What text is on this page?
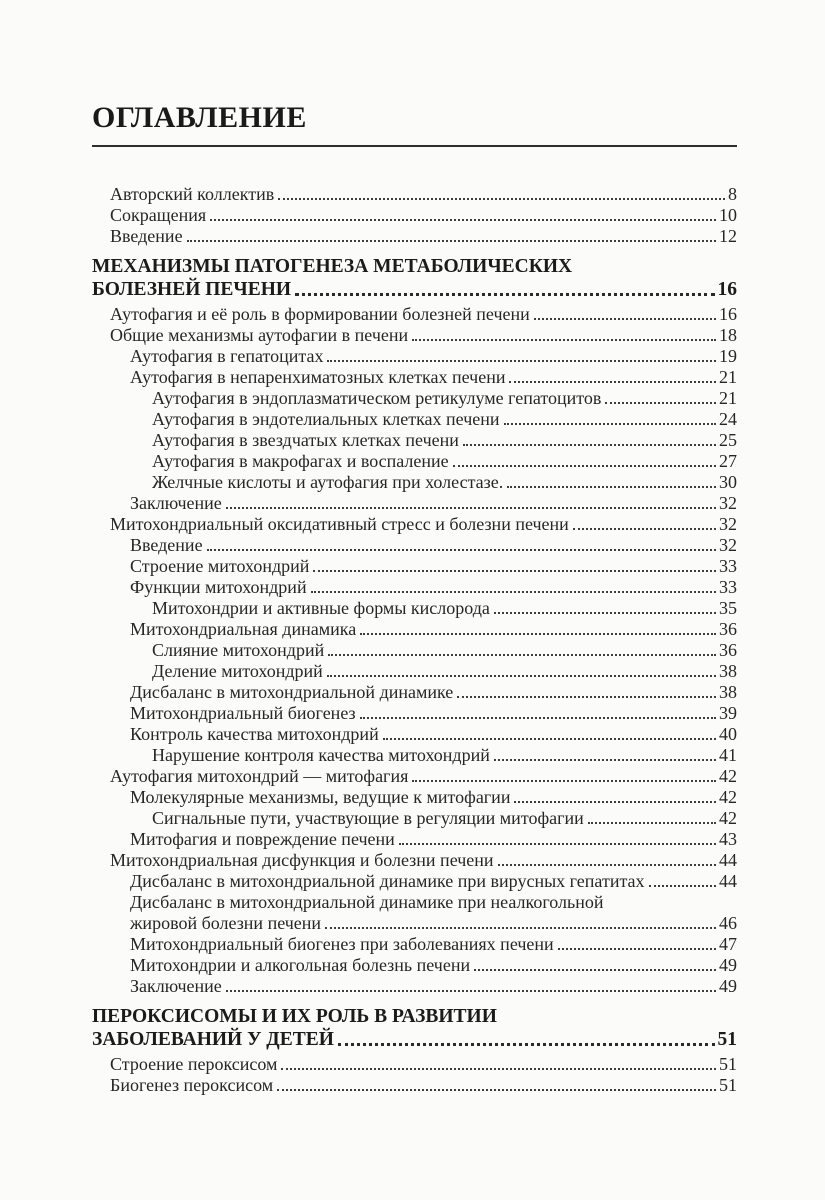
ОГЛАВЛЕНИЕ
Авторский коллектив	8
Сокращения	10
Введение	12
МЕХАНИЗМЫ ПАТОГЕНЕЗА МЕТАБОЛИЧЕСКИХ
БОЛЕЗНЕЙ ПЕЧЕНИ	16
Аутофагия и её роль в формировании болезней печени	16
Общие механизмы аутофагии в печени	18
Аутофагия в гепатоцитах	19
Аутофагия в непаренхиматозных клетках печени	21
Аутофагия в эндоплазматическом ретикулуме гепатоцитов	21
Аутофагия в эндотелиальных клетках печени	24
Аутофагия в звездчатых клетках печени	25
Аутофагия в макрофагах и воспаление	27
Желчные кислоты и аутофагия при холестазе.	30
Заключение	32
Митохондриальный оксидативный стресс и болезни печени	32
Введение	32
Строение митохондрий	33
Функции митохондрий	33
Митохондрии и активные формы кислорода	35
Митохондриальная динамика	36
Слияние митохондрий	36
Деление митохондрий	38
Дисбаланс в митохондриальной динамике	38
Митохондриальный биогенез	39
Контроль качества митохондрий	40
Нарушение контроля качества митохондрий	41
Аутофагия митохондрий — митофагия	42
Молекулярные механизмы, ведущие к митофагии	42
Сигнальные пути, участвующие в регуляции митофагии	42
Митофагия и повреждение печени	43
Митохондриальная дисфункция и болезни печени	44
Дисбаланс в митохондриальной динамике при вирусных гепатитах	44
Дисбаланс в митохондриальной динамике при неалкогольной
жировой болезни печени	46
Митохондриальный биогенез при заболеваниях печени	47
Митохондрии и алкогольная болезнь печени	49
Заключение	49
ПЕРОКСИСОМЫ И ИХ РОЛЬ В РАЗВИТИИ
ЗАБОЛЕВАНИЙ У ДЕТЕЙ	51
Строение пероксисом	51
Биогенез пероксисом	51
